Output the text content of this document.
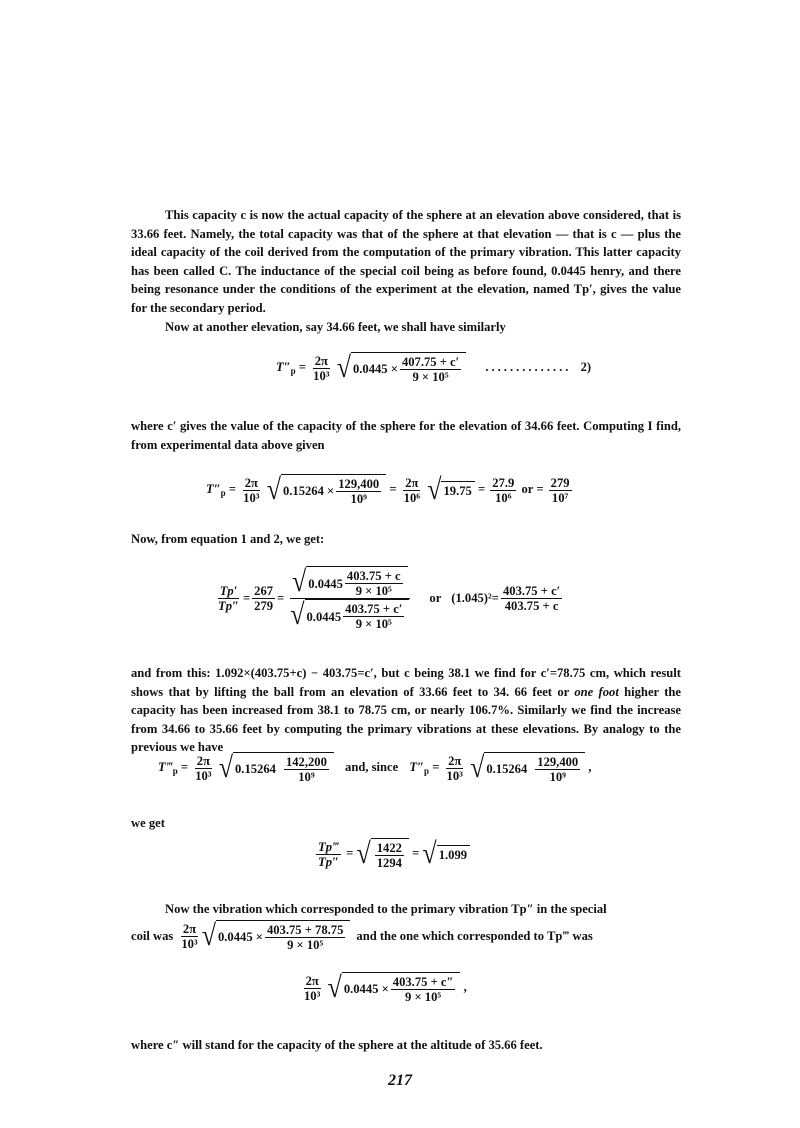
This capacity c is now the actual capacity of the sphere at an elevation above considered, that is 33.66 feet. Namely, the total capacity was that of the sphere at that elevation — that is c — plus the ideal capacity of the coil derived from the computation of the primary vibration. This latter capacity has been called C. The inductance of the special coil being as before found, 0.0445 henry, and there being resonance under the conditions of the experiment at the elevation, named Tp′, gives the value for the secondary period.
Now at another elevation, say 34.66 feet, we shall have similarly
$T''_p = \frac{2\pi}{\text{10³}}$
√ $0.0445 \times \frac{407.75 + c'}{\text{9 × 10⁵}}$ .............. 2)
where c′ gives the value of the capacity of the sphere for the elevation of 34.66 feet. Computing I find, from experimental data above given
$T''_p = \frac{2\pi}{\text{10³}}$
√ $0.15264 \times \frac{129,400}{\text{10⁹}} = \frac{2\pi}{\text{10⁶}}$
√ $19.75 = \frac{27.9}{\text{10⁶}}$ or = $\frac{279}{\text{10⁷}}$
Now, from equation 1 and 2, we get:
$\frac{Tp'}{Tp''} = \frac{267}{279} = \frac{√ 0.0445 \frac{403.75 + c}{\text{9 × 10⁵}}}{√ 0.0445 \frac{403.75 + c'}{\text{9 × 10⁵}}}$ or $(1.045)^2 = \frac{403.75 + c'}{403.75 + c}$
and from this: 1.092×(403.75+c) − 403.75=c′, but c being 38.1 we find for c′=78.75 cm, which result shows that by lifting the ball from an elevation of 33.66 feet to 34. 66 feet or one foot higher the capacity has been increased from 38.1 to 78.75 cm, or nearly 106.7%. Similarly we find the increase from 34.66 to 35.66 feet by computing the primary vibrations at these elevations. By analogy to the previous we have
$T‴_p = \frac{2\pi}{\text{10³}}$
√ $0.15264 \frac{142,200}{\text{10⁹}}$ and, since $T''_p = \frac{2\pi}{\text{10³}}$
√ $0.15264 \frac{129,400}{\text{10⁹}}$ ,
we get
$\frac{Tp‴}{Tp''}$ = √ $\frac{1422}{1294}$ = √ 1.099
Now the vibration which corresponded to the primary vibration Tp″ in the special
coil was $\frac{2\pi}{\text{10³}}$ √ $0.0445 \times \frac{403.75 + 78.75}{\text{9 × 10⁵}}$ and the one which corresponded to Tp‴ was
$\frac{2\pi}{\text{10³}}$
√ $0.0445 \times \frac{403.75 + c''}{\text{9 × 10⁵}}$ ,
where c″ will stand for the capacity of the sphere at the altitude of 35.66 feet.
217
